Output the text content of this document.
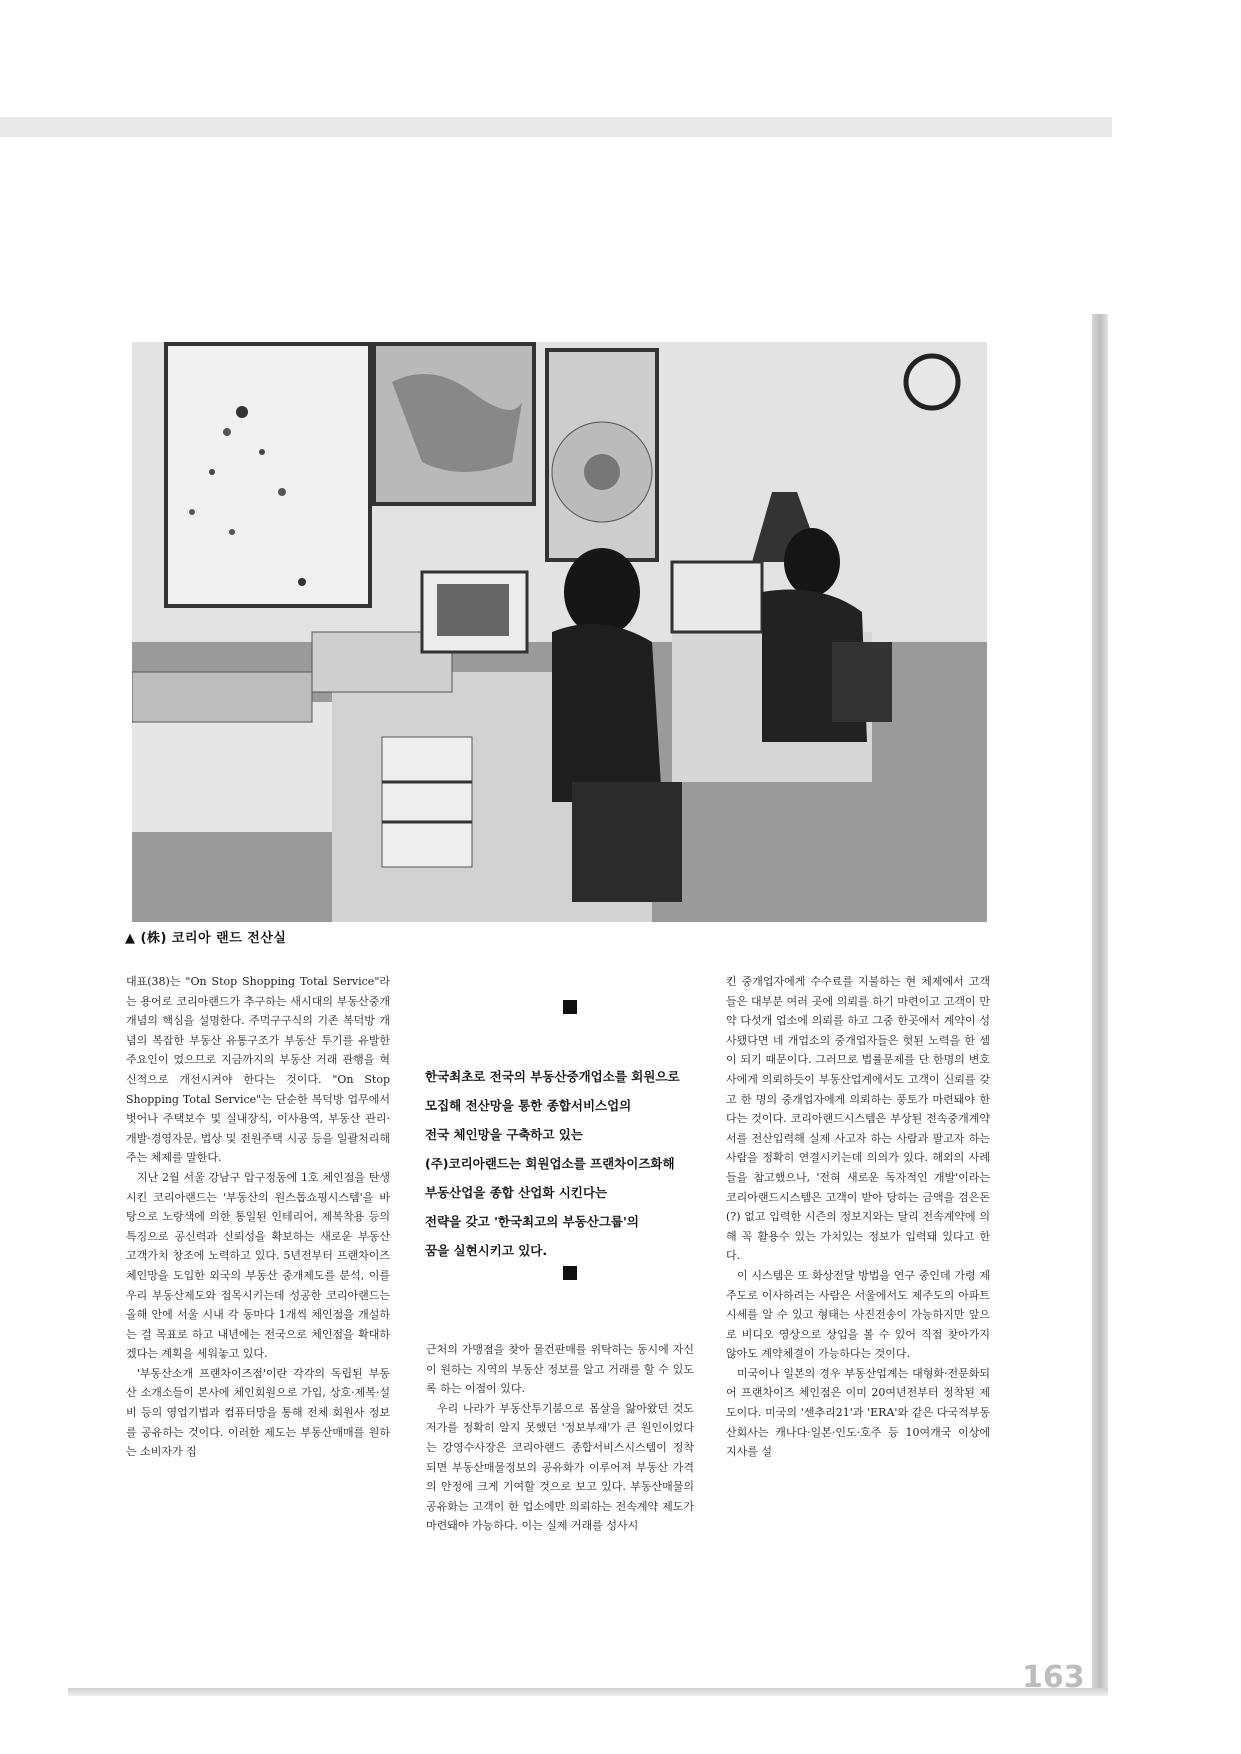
▲ (株) 코리아 랜드 전산실

대표(38)는 "On Stop Shopping Total Service"라는 용어로 코리아랜드가 추구하는 새시대의 부동산중개 개념의 핵심을 설명한다. 주먹구구식의 기존 복덕방 개념의 복잡한 부동산 유통구조가 부동산 투기를 유발한 주요인이 었으므로 지금까지의 부동산 거래 관행을 혁신적으로 개선시켜야 한다는 것이다. "On Stop Shopping Total Service"는 단순한 복덕방 업무에서 벗어나 주택보수 및 실내장식, 이사용역, 부동산 관리·개발·경영자문, 법상 및 전원주택 시공 등을 일괄처리해 주는 체제를 말한다.

지난 2월 서울 강남구 압구정동에 1호 체인점을 탄생시킨 코리아랜드는 '부동산의 원스톱쇼핑시스템'을 바탕으로 노랑색에 의한 통일된 인테리어, 제복착용 등의 특징으로 공신력과 신뢰성을 확보하는 새로운 부동산 고객가치 창조에 노력하고 있다. 5년전부터 프랜차이즈 체인망을 도입한 외국의 부동산 중개제도를 분석, 이를 우리 부동산제도와 접목시키는데 성공한 코리아랜드는 올해 안에 서울 시내 각 동마다 1개씩 체인점을 개설하는 걸 목표로 하고 내년에는 전국으로 체인점을 확대하겠다는 계획을 세워놓고 있다.

'부동산소개 프랜차이즈점'이란 각각의 독립된 부동산 소개소들이 본사에 체인회원으로 가입, 상호·제복·설비 등의 영업기법과 컴퓨터망을 통해 전체 회원사 정보를 공유하는 것이다. 이러한 제도는 부동산매매를 원하는 소비자가 집

한국최초로 전국의 부동산중개업소를 회원으로
모집해 전산망을 통한 종합서비스업의
전국 체인망을 구축하고 있는
(주)코리아랜드는 회원업소를 프랜차이즈화해
부동산업을 종합 산업화 시킨다는
전략을 갖고 '한국최고의 부동산그룹'의
꿈을 실현시키고 있다.

근처의 가맹점을 찾아 물건판매를 위탁하는 동시에 자신이 원하는 지역의 부동산 정보를 알고 거래를 할 수 있도록 하는 이점이 있다.

우리 나라가 부동산투기붐으로 몸살을 앓아왔던 것도 저가를 정확히 알지 못했던 '정보부재'가 큰 원인이었다는 강영수사장은 코리아랜드 종합서비스시스템이 정착되면 부동산매물정보의 공유화가 이루어져 부동산 가격의 안정에 크게 기여할 것으로 보고 있다. 부동산매물의 공유화는 고객이 한 업소에만 의뢰하는 전속계약 제도가 마련돼야 가능하다. 이는 실제 거래를 성사시

킨 중개업자에게 수수료를 지불하는 현 체제에서 고객들은 대부분 여러 곳에 의뢰를 하기 마련이고 고객이 만약 다섯개 업소에 의뢰를 하고 그중 한곳에서 계약이 성사됐다면 네 개업소의 중개업자들은 헛된 노력을 한 셈이 되기 때문이다. 그러므로 법률문제를 단 한명의 변호사에게 의뢰하듯이 부동산업계에서도 고객이 신뢰를 갖고 한 명의 중개업자에게 의뢰하는 풍토가 마련돼야 한다는 것이다. 코리아랜드시스템은 부상된 전속중개계약서를 전산입력해 실제 사고자 하는 사람과 팔고자 하는 사람을 정확히 연결시키는데 의의가 있다. 해외의 사례들을 참고했으나, '전혀 새로운 독자적인 개발'이라는 코리아랜드시스템은 고객이 받아 당하는 금액을 검은돈(?) 없고 입력한 시즌의 정보지와는 달리 전속계약에 의해 꼭 활용수 있는 가치있는 정보가 입력돼 있다고 한다.

이 시스템은 또 화상전달 방법을 연구 중인데 가령 제주도로 이사하려는 사람은 서울에서도 제주도의 아파트시세를 알 수 있고 형태는 사진전송이 가능하지만 앞으로 비디오 영상으로 상입을 볼 수 있어 직접 찾아가지 않아도 계약체결이 가능하다는 것이다.

미국이나 일본의 경우 부동산업계는 대형화·전문화되어 프랜차이즈 체인점은 이미 20여년전부터 정착된 제도이다. 미국의 '센추리21'과 'ERA'와 같은 다국적부동산회사는 캐나다·일본·인도·호주 등 10여개국 이상에 지사를 설

163
